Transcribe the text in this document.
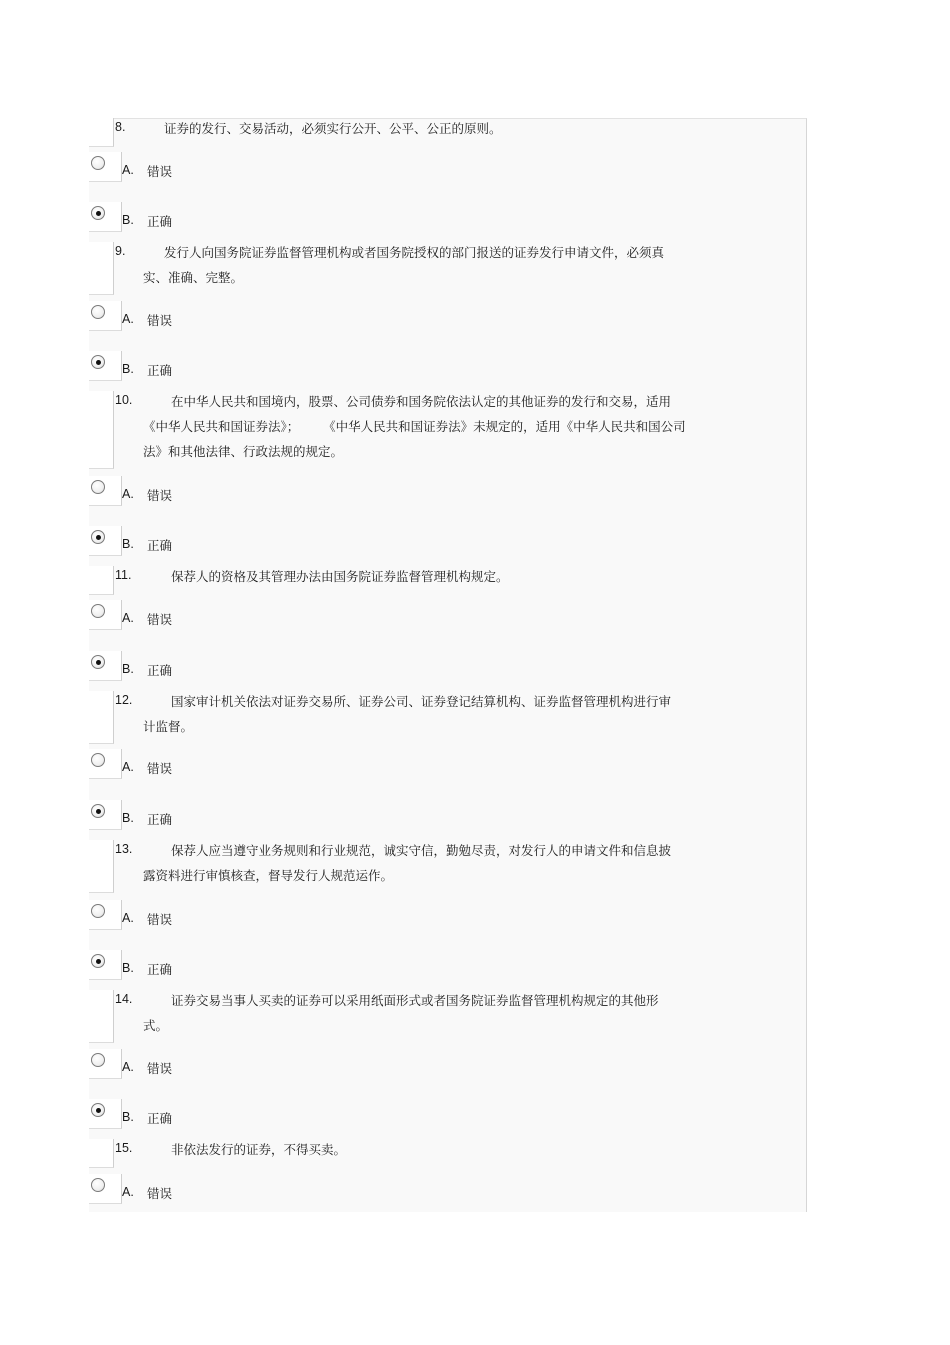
8.	证券的发行、交易活动，必须实行公开、公平、公正的原则。
A. 错误
B. 正确
9.	发行人向国务院证券监督管理机构或者国务院授权的部门报送的证券发行申请文件，必须真
实、准确、完整。
A. 错误
B. 正确
10.	在中华人民共和国境内，股票、公司债券和国务院依法认定的其他证券的发行和交易，适用
《中华人民共和国证券法》；      《中华人民共和国证券法》未规定的，适用《中华人民共和国公司
法》和其他法律、行政法规的规定。
A. 错误
B. 正确
11.	保荐人的资格及其管理办法由国务院证券监督管理机构规定。
A. 错误
B. 正确
12.	国家审计机关依法对证券交易所、证券公司、证券登记结算机构、证券监督管理机构进行审
计监督。
A. 错误
B. 正确
13.	保荐人应当遵守业务规则和行业规范，诚实守信，勤勉尽责，对发行人的申请文件和信息披
露资料进行审慎核查，督导发行人规范运作。
A. 错误
B. 正确
14.	证券交易当事人买卖的证券可以采用纸面形式或者国务院证券监督管理机构规定的其他形
式。
A. 错误
B. 正确
15.	非依法发行的证券，不得买卖。
A. 错误
